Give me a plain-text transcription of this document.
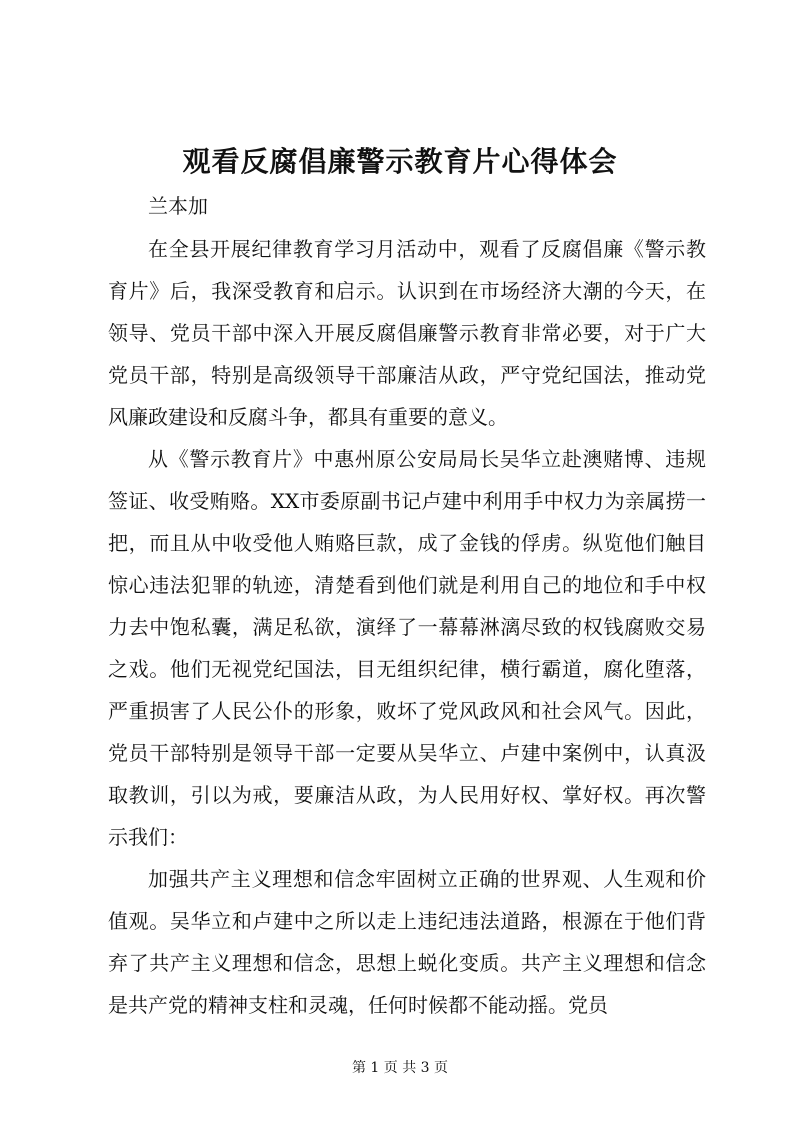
观看反腐倡廉警示教育片心得体会
兰本加

在全县开展纪律教育学习月活动中，观看了反腐倡廉《警示教育片》后，我深受教育和启示。认识到在市场经济大潮的今天，在领导、党员干部中深入开展反腐倡廉警示教育非常必要，对于广大党员干部，特别是高级领导干部廉洁从政，严守党纪国法，推动党风廉政建设和反腐斗争，都具有重要的意义。

从《警示教育片》中惠州原公安局局长吴华立赴澳赌博、违规签证、收受贿赂。XX市委原副书记卢建中利用手中权力为亲属捞一把，而且从中收受他人贿赂巨款，成了金钱的俘虏。纵览他们触目惊心违法犯罪的轨迹，清楚看到他们就是利用自己的地位和手中权力去中饱私囊，满足私欲，演绎了一幕幕淋漓尽致的权钱腐败交易之戏。他们无视党纪国法，目无组织纪律，横行霸道，腐化堕落，严重损害了人民公仆的形象，败坏了党风政风和社会风气。因此，党员干部特别是领导干部一定要从吴华立、卢建中案例中，认真汲取教训，引以为戒，要廉洁从政，为人民用好权、掌好权。再次警示我们：

加强共产主义理想和信念牢固树立正确的世界观、人生观和价值观。吴华立和卢建中之所以走上违纪违法道路，根源在于他们背弃了共产主义理想和信念，思想上蜕化变质。共产主义理想和信念是共产党的精神支柱和灵魂，任何时候都不能动摇。党员

第 1 页 共 3 页
